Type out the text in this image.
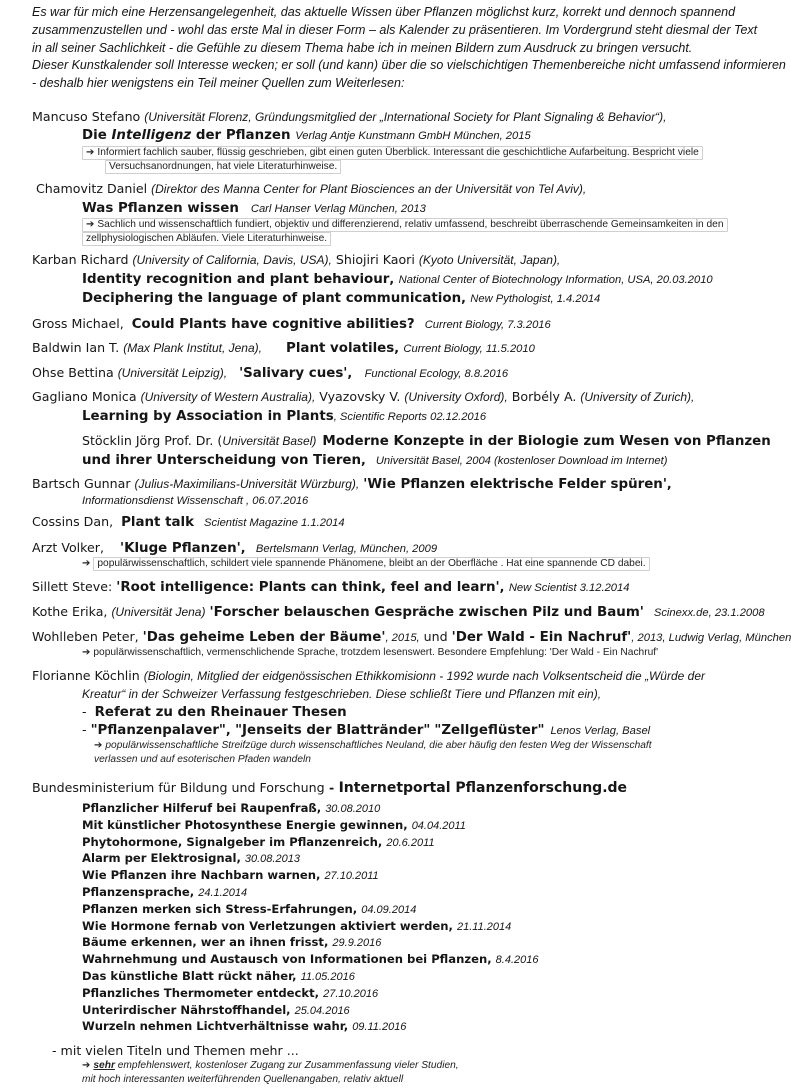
Es war für mich eine Herzensangelegenheit, das aktuelle Wissen über Pflanzen möglichst kurz, korrekt und dennoch spannend
zusammenzustellen und - wohl das erste Mal in dieser Form – als Kalender zu präsentieren. Im Vordergrund steht diesmal der Text
in all seiner Sachlichkeit - die Gefühle zu diesem Thema habe ich in meinen Bildern zum Ausdruck zu bringen versucht.
Dieser Kunstkalender soll Interesse wecken; er soll (und kann) über die so vielschichtigen Themenbereiche nicht umfassend informieren
- deshalb hier wenigstens ein Teil meiner Quellen zum Weiterlesen:
Mancuso Stefano (Universität Florenz, Gründungsmitglied der „International Society for Plant Signaling & Behavior“),
Die Intelligenz der Pflanzen Verlag Antje Kunstmann GmbH München, 2015
➔ Informiert fachlich sauber, flüssig geschrieben, gibt einen guten Überblick. Interessant die geschichtliche Aufarbeitung. Bespricht viele
Versuchsanordnungen, hat viele Literaturhinweise.
Chamovitz Daniel (Direktor des Manna Center for Plant Biosciences an der Universität von Tel Aviv),
Was Pflanzen wissen Carl Hanser Verlag München, 2013
➔ Sachlich und wissenschaftlich fundiert, objektiv und differenzierend, relativ umfassend, beschreibt überraschende Gemeinsamkeiten in den
zellphysiologischen Abläufen. Viele Literaturhinweise.
Karban Richard (University of California, Davis, USA), Shiojiri Kaori (Kyoto Universität, Japan),
Identity recognition and plant behaviour, National Center of Biotechnology Information, USA, 20.03.2010
Deciphering the language of plant communication, New Pythologist, 1.4.2014
Gross Michael, Could Plants have cognitive abilities? Current Biology, 7.3.2016
Baldwin Ian T. (Max Plank Institut, Jena), Plant volatiles, Current Biology, 11.5.2010
Ohse Bettina (Universität Leipzig), 'Salivary cues', Functional Ecology, 8.8.2016
Gagliano Monica (University of Western Australia), Vyazovsky V. (University Oxford), Borbély A. (University of Zurich),
Learning by Association in Plants, Scientific Reports 02.12.2016
Stöcklin Jörg Prof. Dr. (Universität Basel) Moderne Konzepte in der Biologie zum Wesen von Pflanzen
und ihrer Unterscheidung von Tieren, Universität Basel, 2004 (kostenloser Download im Internet)
Bartsch Gunnar (Julius-Maximilians-Universität Würzburg), 'Wie Pflanzen elektrische Felder spüren',
Informationsdienst Wissenschaft , 06.07.2016
Cossins Dan, Plant talk Scientist Magazine 1.1.2014
Arzt Volker, 'Kluge Pflanzen', Bertelsmann Verlag, München, 2009
➔ populärwissenschaftlich, schildert viele spannende Phänomene, bleibt an der Oberfläche . Hat eine spannende CD dabei.
Sillett Steve: 'Root intelligence: Plants can think, feel and learn', New Scientist 3.12.2014
Kothe Erika, (Universität Jena) 'Forscher belauschen Gespräche zwischen Pilz und Baum' Scinexx.de, 23.1.2008
Wohlleben Peter, 'Das geheime Leben der Bäume', 2015, und 'Der Wald - Ein Nachruf', 2013, Ludwig Verlag, München
➔ populärwissenschaftlich, vermenschlichende Sprache, trotzdem lesenswert. Besondere Empfehlung: 'Der Wald - Ein Nachruf'
Florianne Köchlin (Biologin, Mitglied der eidgenössischen Ethikkomisionn - 1992 wurde nach Volksentscheid die „Würde der
Kreatur“ in der Schweizer Verfassung festgeschrieben. Diese schließt Tiere und Pflanzen mit ein),
-  Referat zu den Rheinauer Thesen
- "Pflanzenpalaver", "Jenseits der Blattränder" "Zellgeflüster" Lenos Verlag, Basel
➔ populärwissenschaftliche Streifzüge durch wissenschaftliches Neuland, die aber häufig den festen Weg der Wissenschaft
verlassen und auf esoterischen Pfaden wandeln
Bundesministerium für Bildung und Forschung - Internetportal Pflanzenforschung.de
Pflanzlicher Hilferuf bei Raupenfraß, 30.08.2010
Mit künstlicher Photosynthese Energie gewinnen, 04.04.2011
Phytohormone, Signalgeber im Pflanzenreich, 20.6.2011
Alarm per Elektrosignal, 30.08.2013
Wie Pflanzen ihre Nachbarn warnen, 27.10.2011
Pflanzensprache, 24.1.2014
Pflanzen merken sich Stress-Erfahrungen, 04.09.2014
Wie Hormone fernab von Verletzungen aktiviert werden, 21.11.2014
Bäume erkennen, wer an ihnen frisst, 29.9.2016
Wahrnehmung und Austausch von Informationen bei Pflanzen, 8.4.2016
Das künstliche Blatt rückt näher, 11.05.2016
Pflanzliches Thermometer entdeckt, 27.10.2016
Unterirdischer Nährstoffhandel, 25.04.2016
Wurzeln nehmen Lichtverhältnisse wahr, 09.11.2016
- mit vielen Titeln und Themen mehr ...
➔ sehr empfehlenswert, kostenloser Zugang zur Zusammenfassung vieler Studien,
mit hoch interessanten weiterführenden Quellenangaben, relativ aktuell
